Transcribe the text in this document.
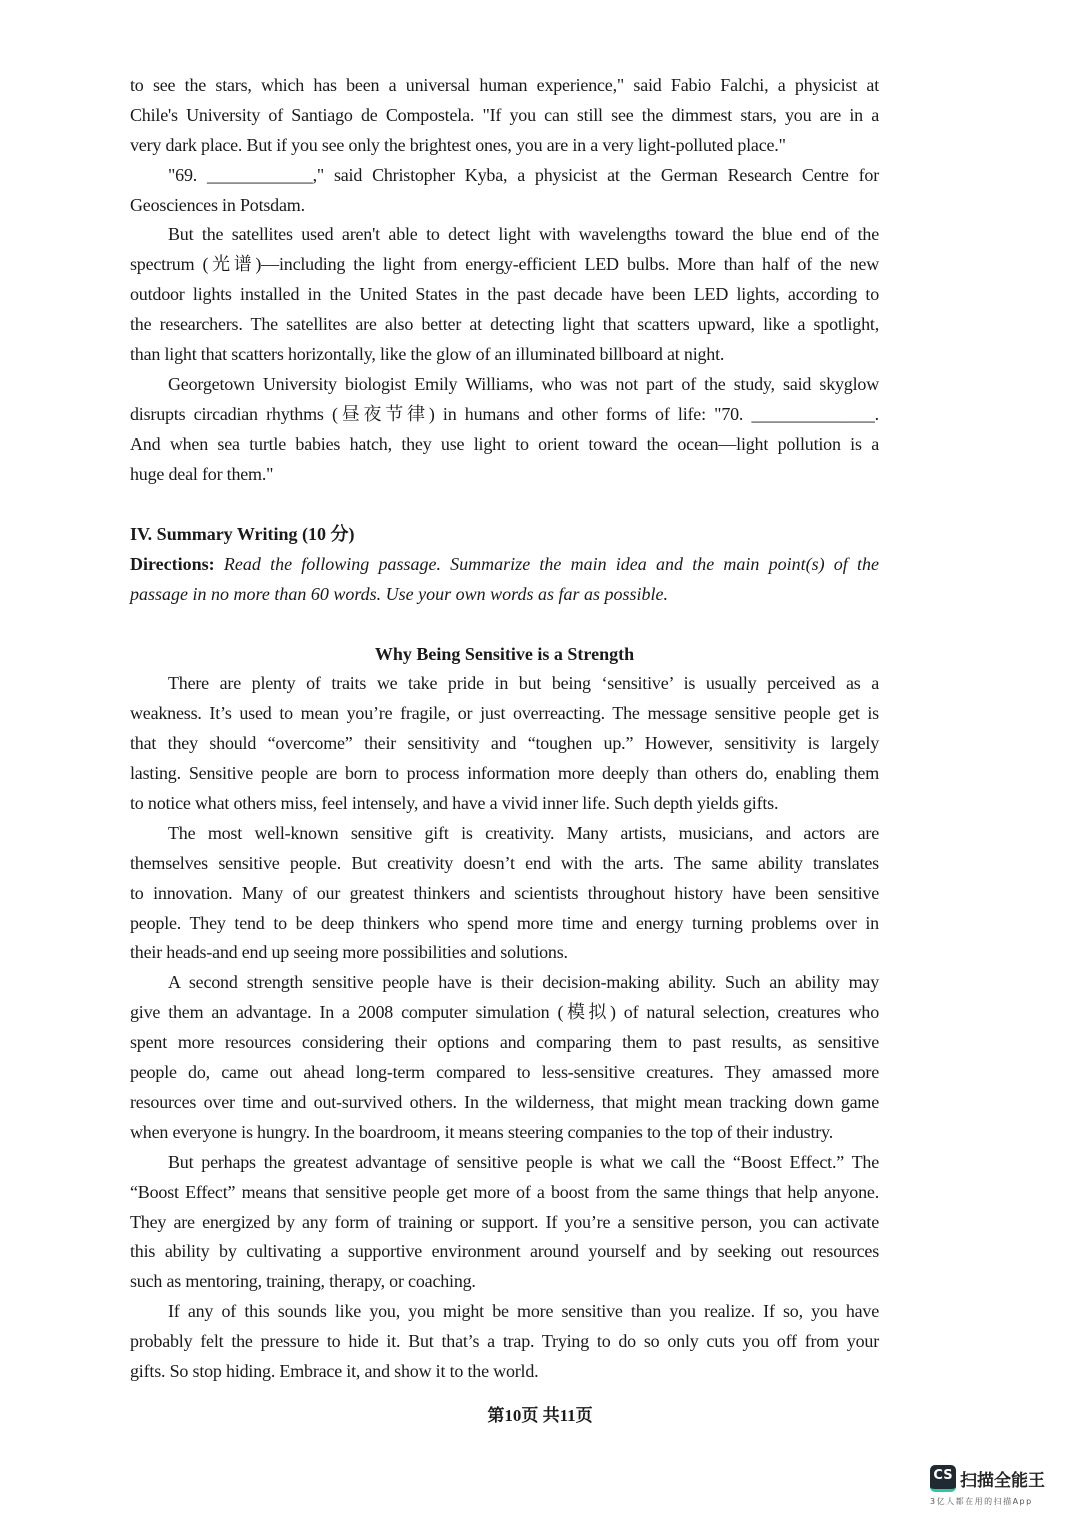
to see the stars, which has been a universal human experience," said Fabio Falchi, a physicist at
Chile's University of Santiago de Compostela. "If you can still see the dimmest stars, you are in a
very dark place. But if you see only the brightest ones, you are in a very light-polluted place."
"69. ____________," said Christopher Kyba, a physicist at the German Research Centre for
Geosciences in Potsdam.
But the satellites used aren't able to detect light with wavelengths toward the blue end of the
spectrum (光谱)—including the light from energy-efficient LED bulbs. More than half of the new
outdoor lights installed in the United States in the past decade have been LED lights, according to
the researchers. The satellites are also better at detecting light that scatters upward, like a spotlight,
than light that scatters horizontally, like the glow of an illuminated billboard at night.
Georgetown University biologist Emily Williams, who was not part of the study, said skyglow
disrupts circadian rhythms (昼夜节律) in humans and other forms of life: "70. ______________.
And when sea turtle babies hatch, they use light to orient toward the ocean—light pollution is a
huge deal for them."
IV. Summary Writing (10 分)
Directions: Read the following passage. Summarize the main idea and the main point(s) of the
passage in no more than 60 words. Use your own words as far as possible.
Why Being Sensitive is a Strength
There are plenty of traits we take pride in but being ‘sensitive’ is usually perceived as a
weakness. It’s used to mean you’re fragile, or just overreacting. The message sensitive people get is
that they should “overcome” their sensitivity and “toughen up.” However, sensitivity is largely
lasting. Sensitive people are born to process information more deeply than others do, enabling them
to notice what others miss, feel intensely, and have a vivid inner life. Such depth yields gifts.
The most well-known sensitive gift is creativity. Many artists, musicians, and actors are
themselves sensitive people. But creativity doesn’t end with the arts. The same ability translates
to innovation. Many of our greatest thinkers and scientists throughout history have been sensitive
people. They tend to be deep thinkers who spend more time and energy turning problems over in
their heads-and end up seeing more possibilities and solutions.
A second strength sensitive people have is their decision-making ability. Such an ability may
give them an advantage. In a 2008 computer simulation (模拟) of natural selection, creatures who
spent more resources considering their options and comparing them to past results, as sensitive
people do, came out ahead long-term compared to less-sensitive creatures. They amassed more
resources over time and out-survived others. In the wilderness, that might mean tracking down game
when everyone is hungry. In the boardroom, it means steering companies to the top of their industry.
But perhaps the greatest advantage of sensitive people is what we call the “Boost Effect.” The
“Boost Effect” means that sensitive people get more of a boost from the same things that help anyone.
They are energized by any form of training or support. If you’re a sensitive person, you can activate
this ability by cultivating a supportive environment around yourself and by seeking out resources
such as mentoring, training, therapy, or coaching.
If any of this sounds like you, you might be more sensitive than you realize. If so, you have
probably felt the pressure to hide it. But that’s a trap. Trying to do so only cuts you off from your
gifts. So stop hiding. Embrace it, and show it to the world.
第10页 共11页
CS 扫描全能王
3亿人都在用的扫描App
